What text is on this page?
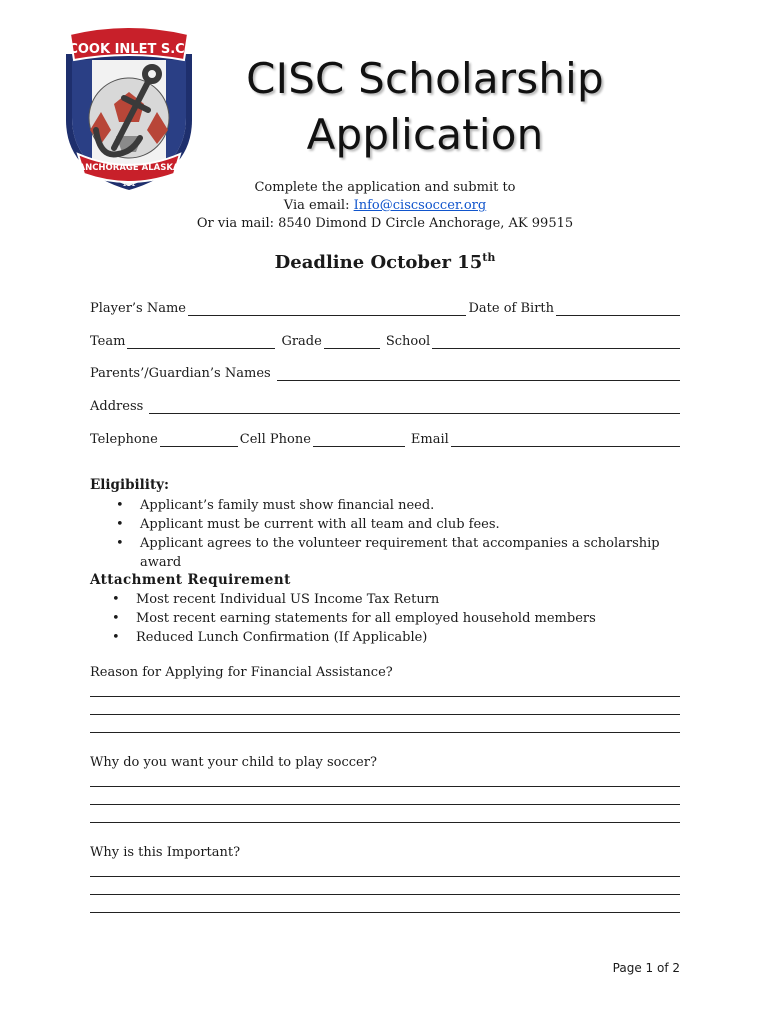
COOK INLET S.C.
ANCHORAGE ALASKA
151
CISC Scholarship
Application
Complete the application and submit to
Via email: Info@ciscsoccer.org
Or via mail: 8540 Dimond D Circle Anchorage, AK 99515
Deadline October 15th
Player’s Name	Date of Birth
Team	Grade	School
Parents’/Guardian’s Names
Address
Telephone	Cell Phone	Email
Eligibility:
• Applicant’s family must show financial need.
• Applicant must be current with all team and club fees.
• Applicant agrees to the volunteer requirement that accompanies a scholarship award
Attachment Requirement
• Most recent Individual US Income Tax Return
• Most recent earning statements for all employed household members
• Reduced Lunch Confirmation (If Applicable)
Reason for Applying for Financial Assistance?
Why do you want your child to play soccer?
Why is this Important?
Page 1 of 2
